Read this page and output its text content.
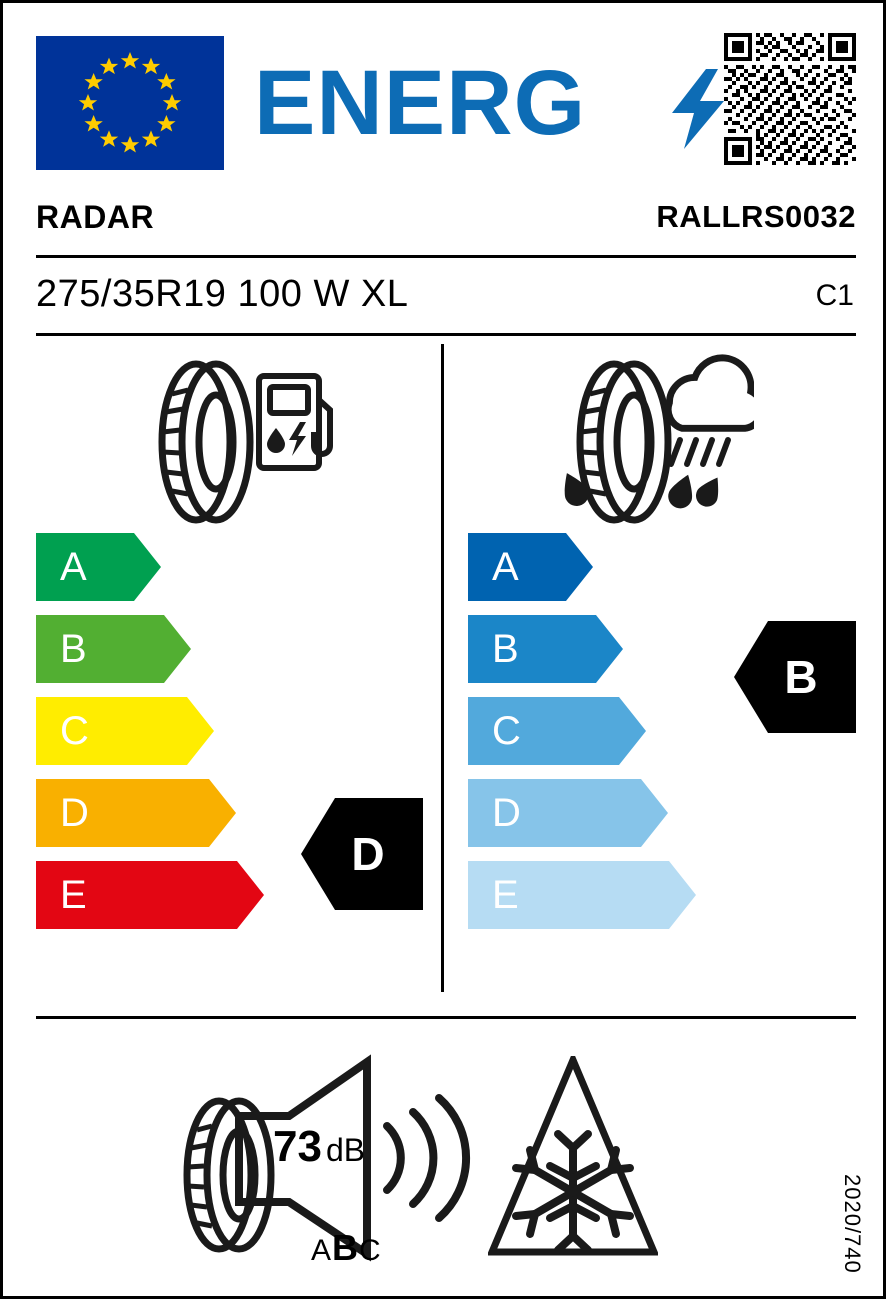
ENERG
RADAR	RALLRS0032
275/35R19 100 W XL	C1
A
B
C
D
E
A
B
C
D
E
D
B
73 dB
ABC	2020/740
